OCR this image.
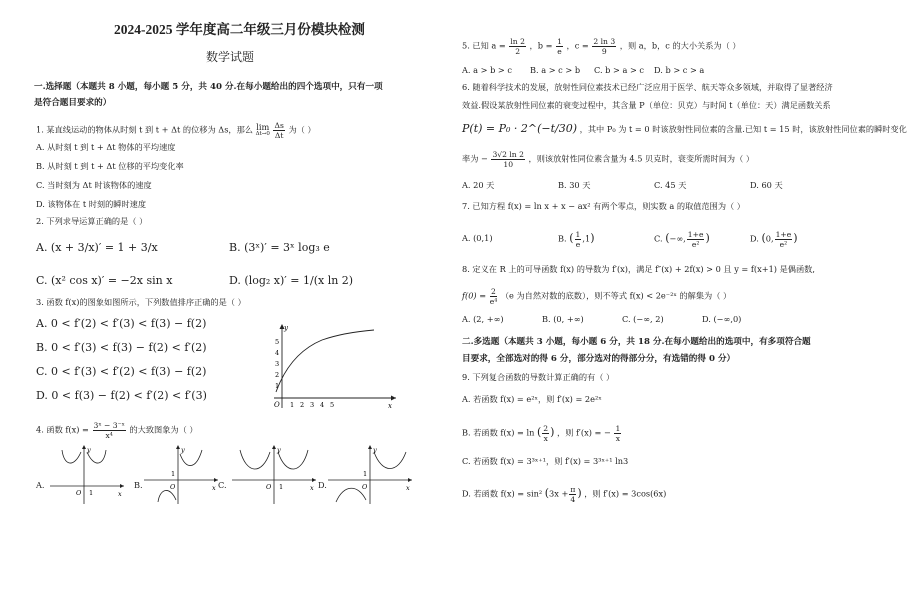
2024-2025 学年度高二年级三月份模块检测
数学试题
一.选择题（本题共 8 小题，每小题 5 分，共 40 分.在每小题给出的四个选项中，只有一项
是符合题目要求的）
1. 某直线运动的物体从时刻 t 到 t + Δt 的位移为 Δs，那么 lim
Δt→0
$\frac{\Delta s}{\Delta t}$ 为（ ）
A. 从时刻 t 到 t + Δt 物体的平均速度
B. 从时刻 t 到 t + Δt 位移的平均变化率
C. 当时刻为 Δt 时该物体的速度
D. 该物体在 t 时刻的瞬时速度
2. 下列求导运算正确的是（ ）
A. (x + 3/x)′ = 1 + 3/x	B. (3ˣ)′ = 3ˣ log₃ e
C. (x² cos x)′ = −2x sin x	D. (log₂ x)′ = 1/(x ln 2)
3. 函数 f(x)的图象如图所示，下列数值排序正确的是（ ）
A. 0 < f′(2) < f′(3) < f(3) − f(2)
B. 0 < f′(3) < f(3) − f(2) < f′(2)
C. 0 < f′(3) < f′(2) < f(3) − f(2)
D. 0 < f(3) − f(2) < f′(2) < f′(3)
y
x
O
1
2
3
4
5
1 2 3 4 5
4. 函数 $f(x) = \frac{\text{3ˣ − 3⁻ˣ}}{\text{x⁴}}$ 的大致图象为（ ）
A.
y
x
O 1
B.
y
x
O
1
C.
y
x
O 1	D.
y
x
O
1
5. 已知 $a = \frac{\ln 2}{2}$ ，$b = \frac{1}{e}$ ，$c = \frac{2 \ln 3}{9}$ ，则 a，b，c 的大小关系为（ ）
A. a > b > c B. a > c > b C. b > a > c D. b > c > a
6. 随着科学技术的发展，放射性同位素技术已经广泛应用于医学、航天等众多领域，并取得了显著经济
效益.假设某放射性同位素的衰变过程中，其含量 P（单位：贝克）与时间 t（单位：天）满足函数关系
P(t) = P₀ · 2^(−t/30) ，其中 P₀ 为 t = 0 时该放射性同位素的含量.已知 t = 15 时，该放射性同位素的瞬时变化
率为 − $\frac{3√2 \ln 2}{10}$ ，则该放射性同位素含量为 4.5 贝克时，衰变所需时间为（ ）
A. 20 天	B. 30 天	C. 45 天	D. 60 天
7. 已知方程 f(x) = ln x + x − ax² 有两个零点，则实数 a 的取值范围为（ ）
A. (0,1)	B. ( $\frac{1}{e} ,1$)	C. (−∞, $\frac{1+e}{\text{e²}}$ )	D. (0, $\frac{1+e}{\text{e²}}$ )
8. 定义在 R 上的可导函数 f(x) 的导数为 f′(x)，满足 f″(x) + 2f(x) > 0 且 y = f(x+1) 是偶函数,
$f(0) = \frac{2}{\text{e⁴}} (e$ 为自然对数的底数），则不等式 f(x) < 2e⁻²ˣ 的解集为（ ）
A. (2, +∞)	B. (0, +∞)	C. (−∞, 2)	D. (−∞,0)
二.多选题（本题共 3 小题，每小题 6 分，共 18 分.在每小题给出的选项中，有多项符合题
目要求，全部选对的得 6 分，部分选对的得部分分，有选错的得 0 分）
9. 下列复合函数的导数计算正确的有（ ）
A. 若函数 f(x) = e²ˣ，则 f′(x) = 2e²ˣ
B. 若函数 f(x) = ln ( $\frac{2}{x}$ ) ，则 f′(x) = − $\frac{1}{x}$
C. 若函数 f(x) = 3³ˣ⁺¹，则 f′(x) = 3³ˣ⁺¹ ln3
D. 若函数 f(x) = sin² ($3x + \frac{\pi}{4}$ ) ，则 f′(x) = 3cos(6x)
